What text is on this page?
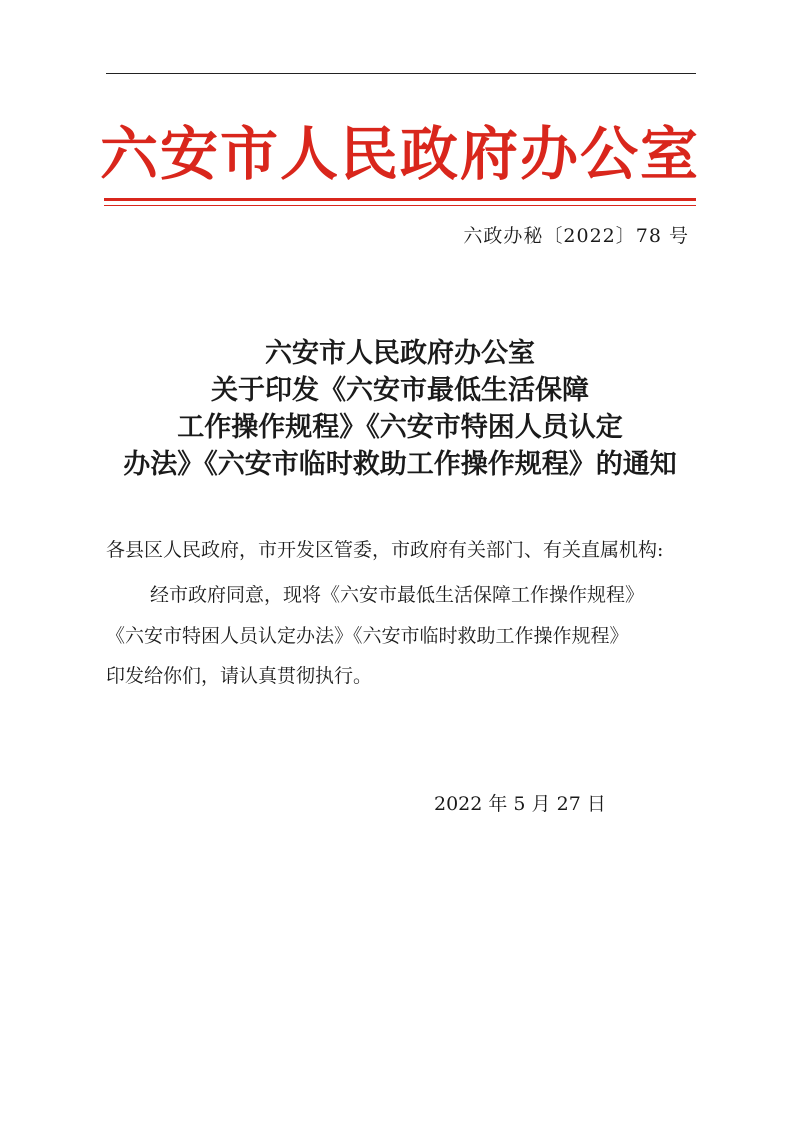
六安市人民政府办公室
六政办秘〔2022〕78 号
六安市人民政府办公室
关于印发《六安市最低生活保障
工作操作规程》《六安市特困人员认定
办法》《六安市临时救助工作操作规程》的通知
各县区人民政府，市开发区管委，市政府有关部门、有关直属机构:
经市政府同意，现将《六安市最低生活保障工作操作规程》
《六安市特困人员认定办法》《六安市临时救助工作操作规程》
印发给你们，请认真贯彻执行。
2022 年 5 月 27 日
